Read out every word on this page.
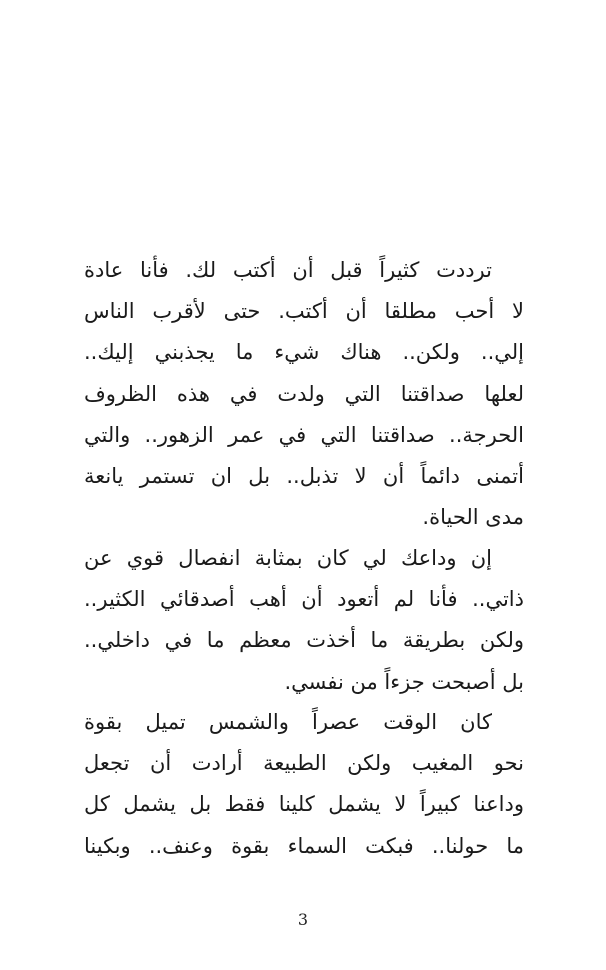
ترددت كثيراً قبل أن أكتب لك. فأنا عادة
لا أحب مطلقا أن أكتب. حتى لأقرب الناس
إلي.. ولكن.. هناك شيء ما يجذبني إليك..
لعلها صداقتنا التي ولدت في هذه الظروف
الحرجة.. صداقتنا التي في عمر الزهور.. والتي
أتمنى دائماً أن لا تذبل.. بل ان تستمر يانعة
مدى الحياة.
إن وداعك لي كان بمثابة انفصال قوي عن
ذاتي.. فأنا لم أتعود أن أهب أصدقائي الكثير..
ولكن بطريقة ما أخذت معظم ما في داخلي..
بل أصبحت جزءاً من نفسي.
كان الوقت عصراً والشمس تميل بقوة
نحو المغيب ولكن الطبيعة أرادت أن تجعل
وداعنا كبيراً لا يشمل كلينا فقط بل يشمل كل
ما حولنا.. فبكت السماء بقوة وعنف.. وبكينا
3
